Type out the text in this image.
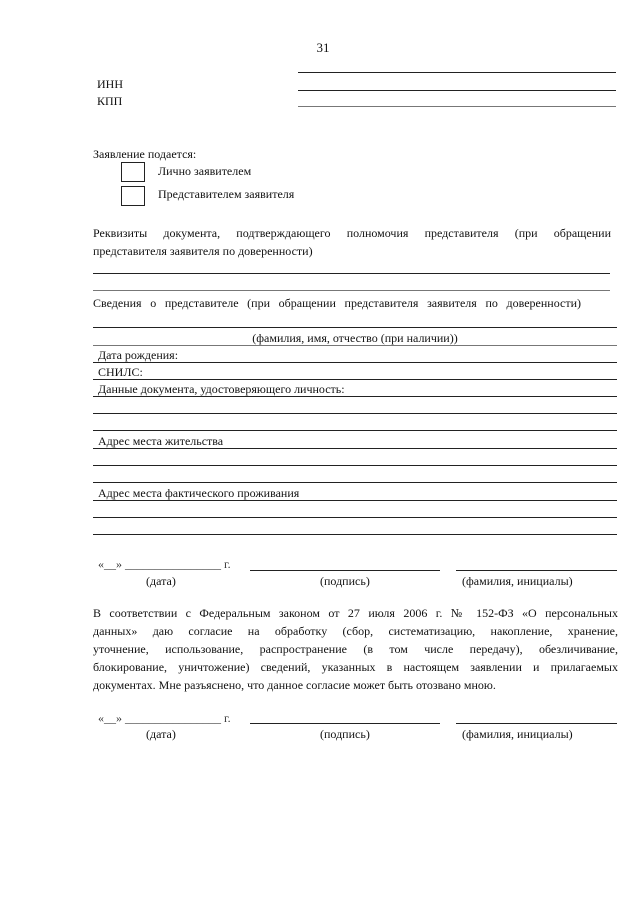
31
ИНН
КПП
Заявление подается:
Лично заявителем
Представителем заявителя
Реквизиты документа, подтверждающего полномочия представителя (при обращении
представителя заявителя по доверенности)
Сведения о представителе (при обращении представителя заявителя по доверенности)
(фамилия, имя, отчество (при наличии))
Дата рождения:
СНИЛС:
Данные документа, удостоверяющего личность:
Адрес места жительства
Адрес места фактического проживания
«__» ________________ г.
(дата)	(подпись)	(фамилия, инициалы)
В соответствии с Федеральным законом от 27 июля 2006 г. № 152-ФЗ «О персональных
данных» даю согласие на обработку (сбор, систематизацию, накопление, хранение,
уточнение, использование, распространение (в том числе передачу), обезличивание,
блокирование, уничтожение) сведений, указанных в настоящем заявлении и прилагаемых
документах. Мне разъяснено, что данное согласие может быть отозвано мною.
«__» ________________ г.
(дата)	(подпись)	(фамилия, инициалы)
